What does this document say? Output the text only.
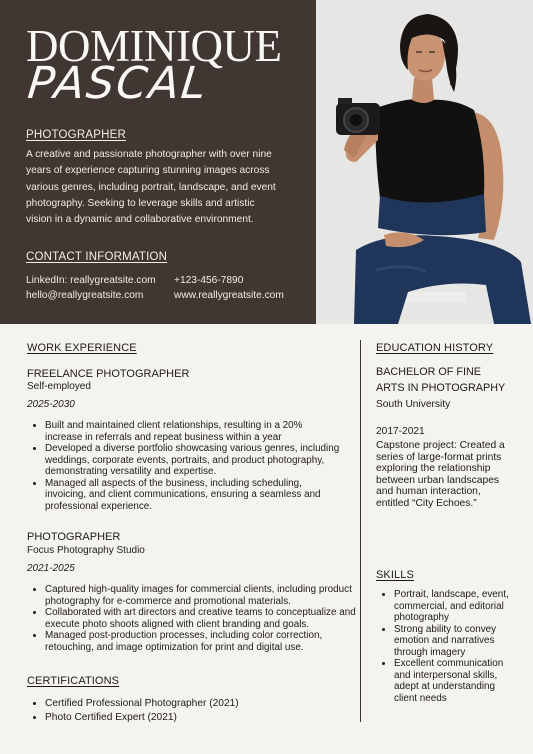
DOMINIQUE
PASCAL
PHOTOGRAPHER
A creative and passionate photographer with over nine years of experience capturing stunning images across various genres, including portrait, landscape, and event photography. Seeking to leverage skills and artistic vision in a dynamic and collaborative environment.
CONTACT INFORMATION
LinkedIn: reallygreatsite.com +123-456-7890
hello@reallygreatsite.com	www.reallygreatsite.com
WORK EXPERIENCE
FREELANCE PHOTOGRAPHER
Self-employed
2025-2030
• Built and maintained client relationships, resulting in a 20% increase in referrals and repeat business within a year
• Developed a diverse portfolio showcasing various genres, including weddings, corporate events, portraits, and product photography, demonstrating versatility and expertise.
• Managed all aspects of the business, including scheduling, invoicing, and client communications, ensuring a seamless and professional experience.
PHOTOGRAPHER
Focus Photography Studio
2021-2025
• Captured high-quality images for commercial clients, including product photography for e-commerce and promotional materials.
• Collaborated with art directors and creative teams to conceptualize and execute photo shoots aligned with client branding and goals.
• Managed post-production processes, including color correction, retouching, and image optimization for print and digital use.
CERTIFICATIONS
• Certified Professional Photographer (2021)
• Photo Certified Expert (2021)
EDUCATION HISTORY
BACHELOR OF FINE
ARTS IN PHOTOGRAPHY
South University
2017-2021
Capstone project: Created a series of large-format prints exploring the relationship between urban landscapes and human interaction, entitled “City Echoes.”
SKILLS
• Portrait, landscape, event, commercial, and editorial photography
• Strong ability to convey emotion and narratives through imagery
• Excellent communication and interpersonal skills, adept at understanding client needs
